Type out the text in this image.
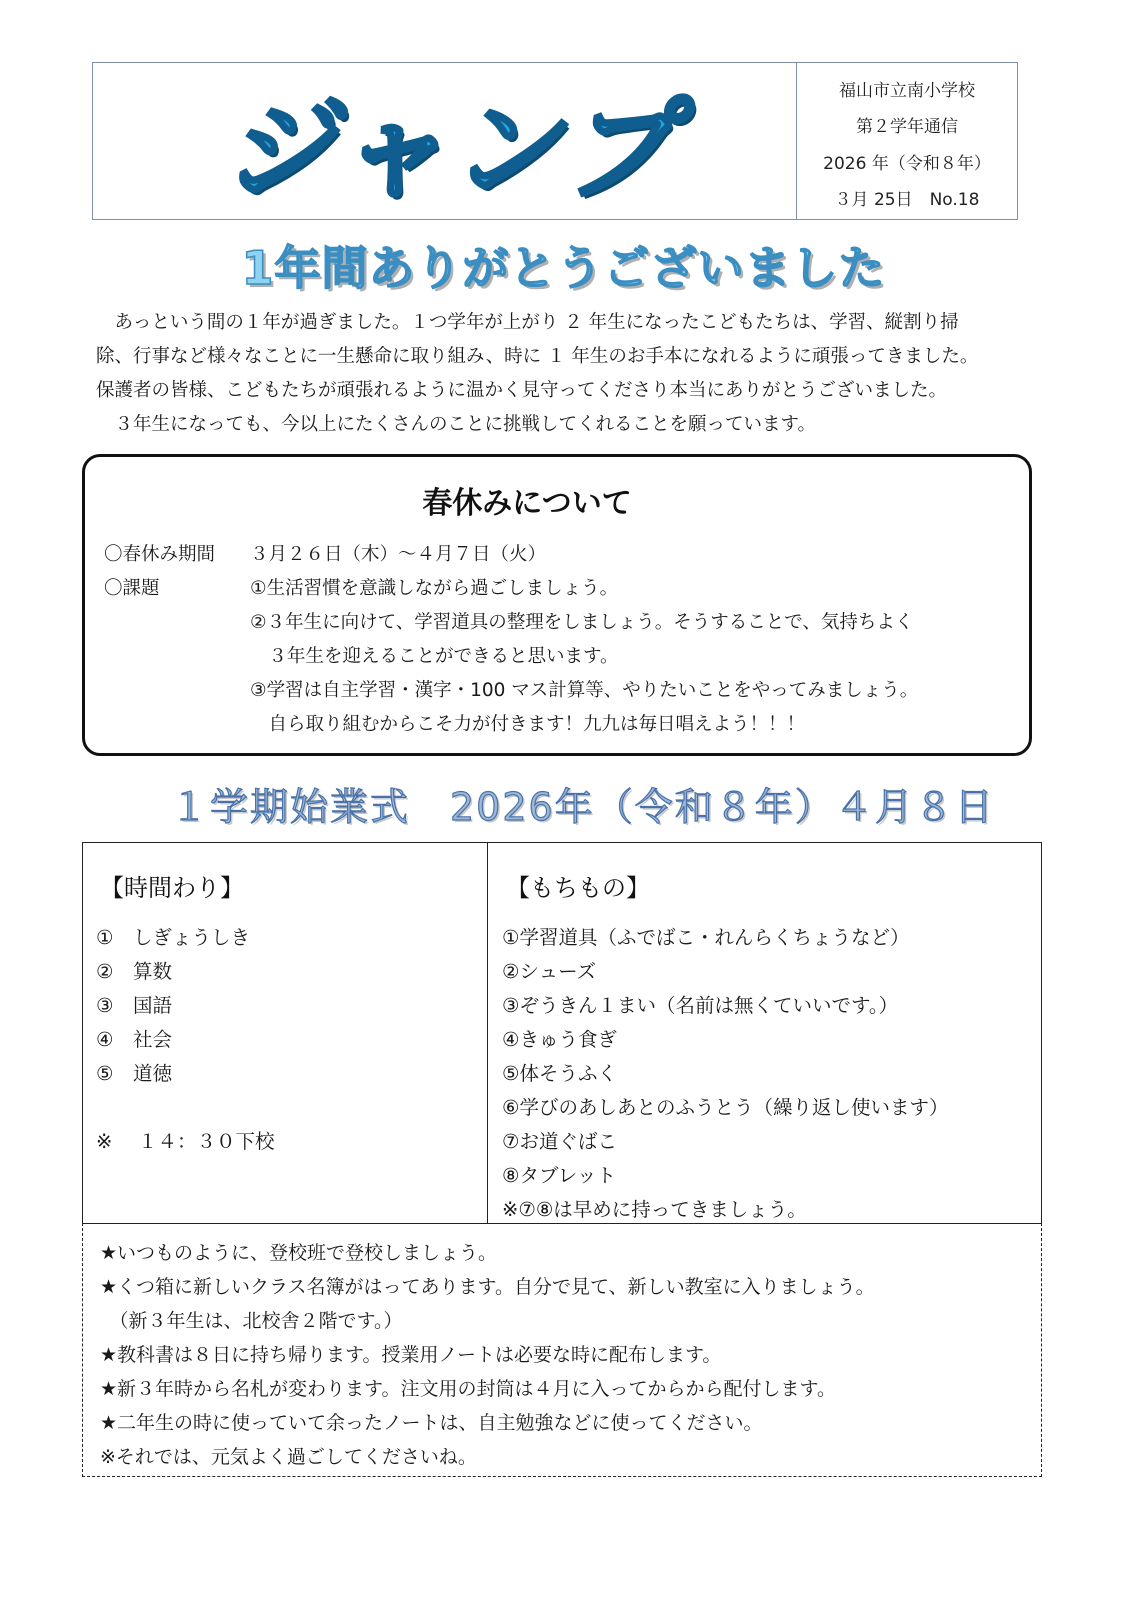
ジャンプ	福山市立南小学校
第２学年通信
2026 年（令和８年）
３月 25日　No.18
1年間ありがとうございました

　あっという間の１年が過ぎました。１つ学年が上がり ２ 年生になったこどもたちは、学習、縦割り掃

除、行事など様々なことに一生懸命に取り組み、時に １ 年生のお手本になれるように頑張ってきました。

保護者の皆様、こどもたちが頑張れるように温かく見守ってくださり本当にありがとうございました。

　３年生になっても、今以上にたくさんのことに挑戦してくれることを願っています。

春休みについて
〇春休み期間 ３月２６日（木）～４月７日（火）
〇課題	①生活習慣を意識しながら過ごしましょう。
②３年生に向けて、学習道具の整理をしましょう。そうすることで、気持ちよく
　３年生を迎えることができると思います。
③学習は自主学習・漢字・100 マス計算等、やりたいことをやってみましょう。
　自ら取り組むからこそ力が付きます！九九は毎日唱えよう！！！
１学期始業式　2026年（令和８年）４月８日
【時間わり】
①　しぎょうしき
②　算数
③　国語
④　社会
⑤　道徳
※　 １４：３０下校
【もちもの】
①学習道具（ふでばこ・れんらくちょうなど）
②シューズ
③ぞうきん１まい（名前は無くていいです。）
④きゅう食ぎ
⑤体そうふく
⑥学びのあしあとのふうとう（繰り返し使います）
⑦お道ぐばこ
⑧タブレット
※⑦⑧は早めに持ってきましょう。
★いつものように、登校班で登校しましょう。
★くつ箱に新しいクラス名簿がはってあります。自分で見て、新しい教室に入りましょう。
　（新３年生は、北校舎２階です。）
★教科書は８日に持ち帰ります。授業用ノートは必要な時に配布します。
★新３年時から名札が変わります。注文用の封筒は４月に入ってからから配付します。
★二年生の時に使っていて余ったノートは、自主勉強などに使ってください。
※それでは、元気よく過ごしてくださいね。
